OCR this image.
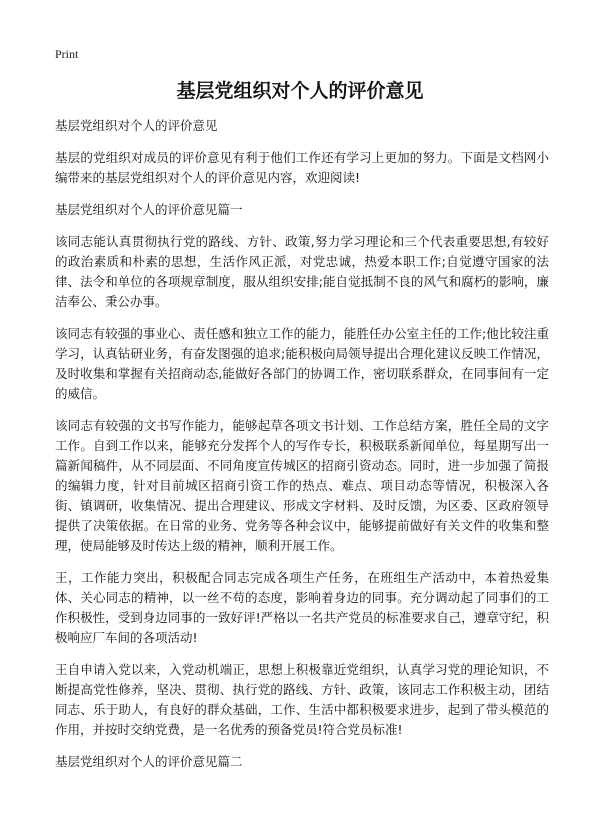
Print
基层党组织对个人的评价意见
基层党组织对个人的评价意见

基层的党组织对成员的评价意见有利于他们工作还有学习上更加的努力。下面是文档网小编带来的基层党组织对个人的评价意见内容，欢迎阅读!

基层党组织对个人的评价意见篇一

该同志能认真贯彻执行党的路线、方针、政策,努力学习理论和三个代表重要思想,有较好的政治素质和朴素的思想，生活作风正派，对党忠诚，热爱本职工作;自觉遵守国家的法律、法令和单位的各项规章制度，服从组织安排;能自觉抵制不良的风气和腐朽的影响，廉洁奉公、秉公办事。

该同志有较强的事业心、责任感和独立工作的能力，能胜任办公室主任的工作;他比较注重学习，认真钻研业务，有奋发图强的追求;能积极向局领导提出合理化建议反映工作情况，及时收集和掌握有关招商动态,能做好各部门的协调工作，密切联系群众，在同事间有一定的威信。

该同志有较强的文书写作能力，能够起草各项文书计划、工作总结方案，胜任全局的文字工作。自到工作以来，能够充分发挥个人的写作专长，积极联系新闻单位，每星期写出一篇新闻稿件，从不同层面、不同角度宣传城区的招商引资动态。同时，进一步加强了简报的编辑力度，针对目前城区招商引资工作的热点、难点、项目动态等情况，积极深入各街、镇调研，收集情况、提出合理建议、形成文字材料、及时反馈，为区委、区政府领导提供了决策依据。在日常的业务、党务等各种会议中，能够提前做好有关文件的收集和整理，使局能够及时传达上级的精神，顺利开展工作。

王，工作能力突出，积极配合同志完成各项生产任务，在班组生产活动中，本着热爱集体、关心同志的精神，以一丝不苟的态度，影响着身边的同事。充分调动起了同事们的工作积极性，受到身边同事的一致好评!严格以一名共产党员的标准要求自己，遵章守纪，积极响应厂车间的各项活动!

王自申请入党以来，入党动机端正，思想上积极靠近党组织，认真学习党的理论知识，不断提高党性修养，坚决、贯彻、执行党的路线、方针、政策，该同志工作积极主动，团结同志、乐于助人，有良好的群众基础，工作、生活中都积极要求进步，起到了带头模范的作用，并按时交纳党费，是一名优秀的预备党员!符合党员标准!

基层党组织对个人的评价意见篇二
